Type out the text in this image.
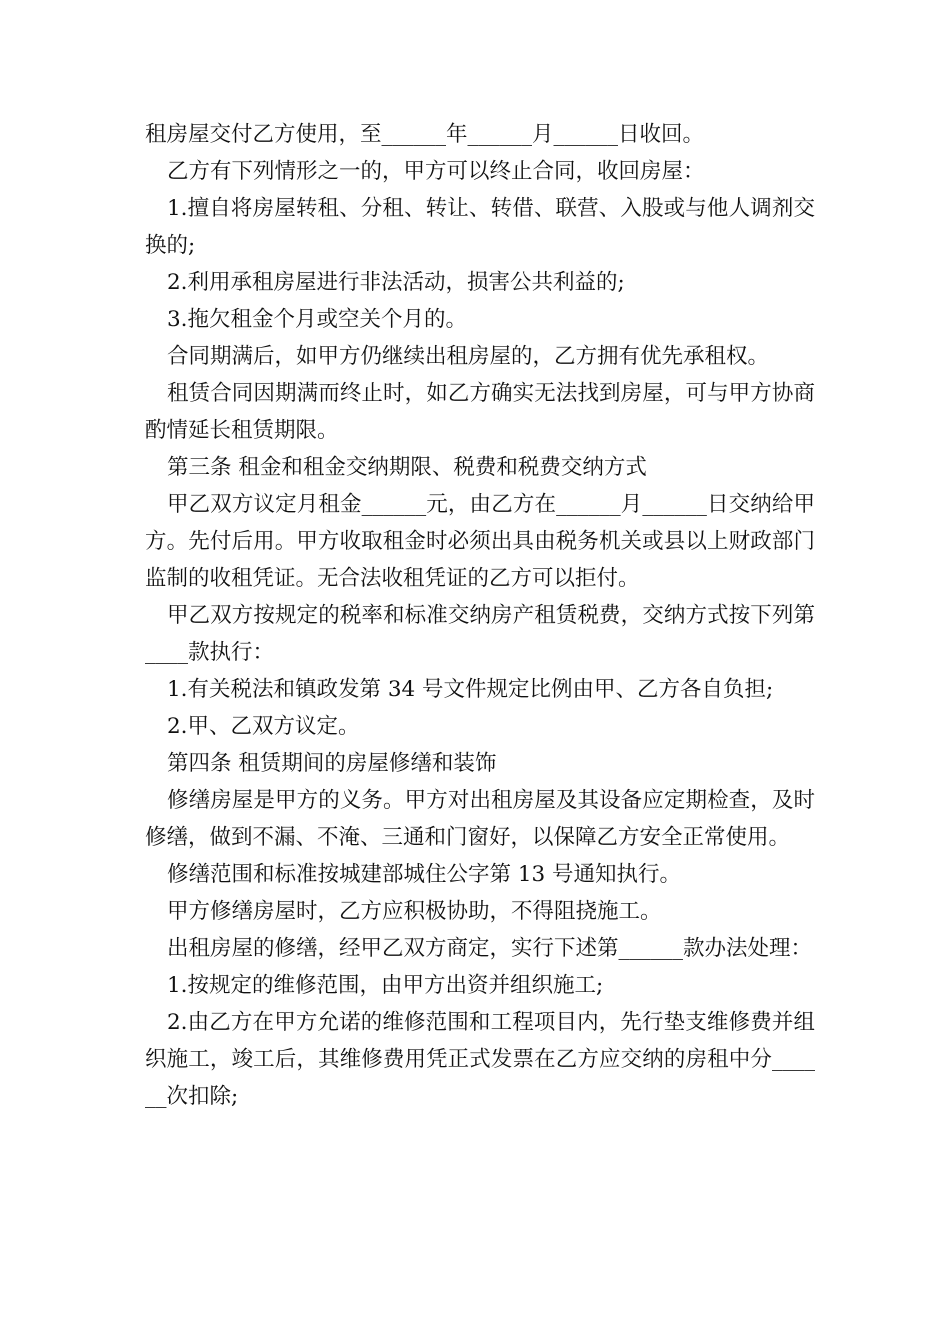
租房屋交付乙方使用，至______年______月______日收回。

乙方有下列情形之一的，甲方可以终止合同，收回房屋：

1.擅自将房屋转租、分租、转让、转借、联营、入股或与他人调剂交换的;

2.利用承租房屋进行非法活动，损害公共利益的;

3.拖欠租金个月或空关个月的。

合同期满后，如甲方仍继续出租房屋的，乙方拥有优先承租权。

租赁合同因期满而终止时，如乙方确实无法找到房屋，可与甲方协商酌情延长租赁期限。

第三条 租金和租金交纳期限、税费和税费交纳方式

甲乙双方议定月租金______元，由乙方在______月______日交纳给甲方。先付后用。甲方收取租金时必须出具由税务机关或县以上财政部门监制的收租凭证。无合法收租凭证的乙方可以拒付。

甲乙双方按规定的税率和标准交纳房产租赁税费，交纳方式按下列第____款执行：

1.有关税法和镇政发第 34 号文件规定比例由甲、乙方各自负担;

2.甲、乙双方议定。

第四条 租赁期间的房屋修缮和装饰

修缮房屋是甲方的义务。甲方对出租房屋及其设备应定期检查，及时修缮，做到不漏、不淹、三通和门窗好，以保障乙方安全正常使用。

修缮范围和标准按城建部城住公字第 13 号通知执行。

甲方修缮房屋时，乙方应积极协助，不得阻挠施工。

出租房屋的修缮，经甲乙双方商定，实行下述第______款办法处理：

1.按规定的维修范围，由甲方出资并组织施工;

2.由乙方在甲方允诺的维修范围和工程项目内，先行垫支维修费并组织施工，竣工后，其维修费用凭正式发票在乙方应交纳的房租中分______次扣除;
